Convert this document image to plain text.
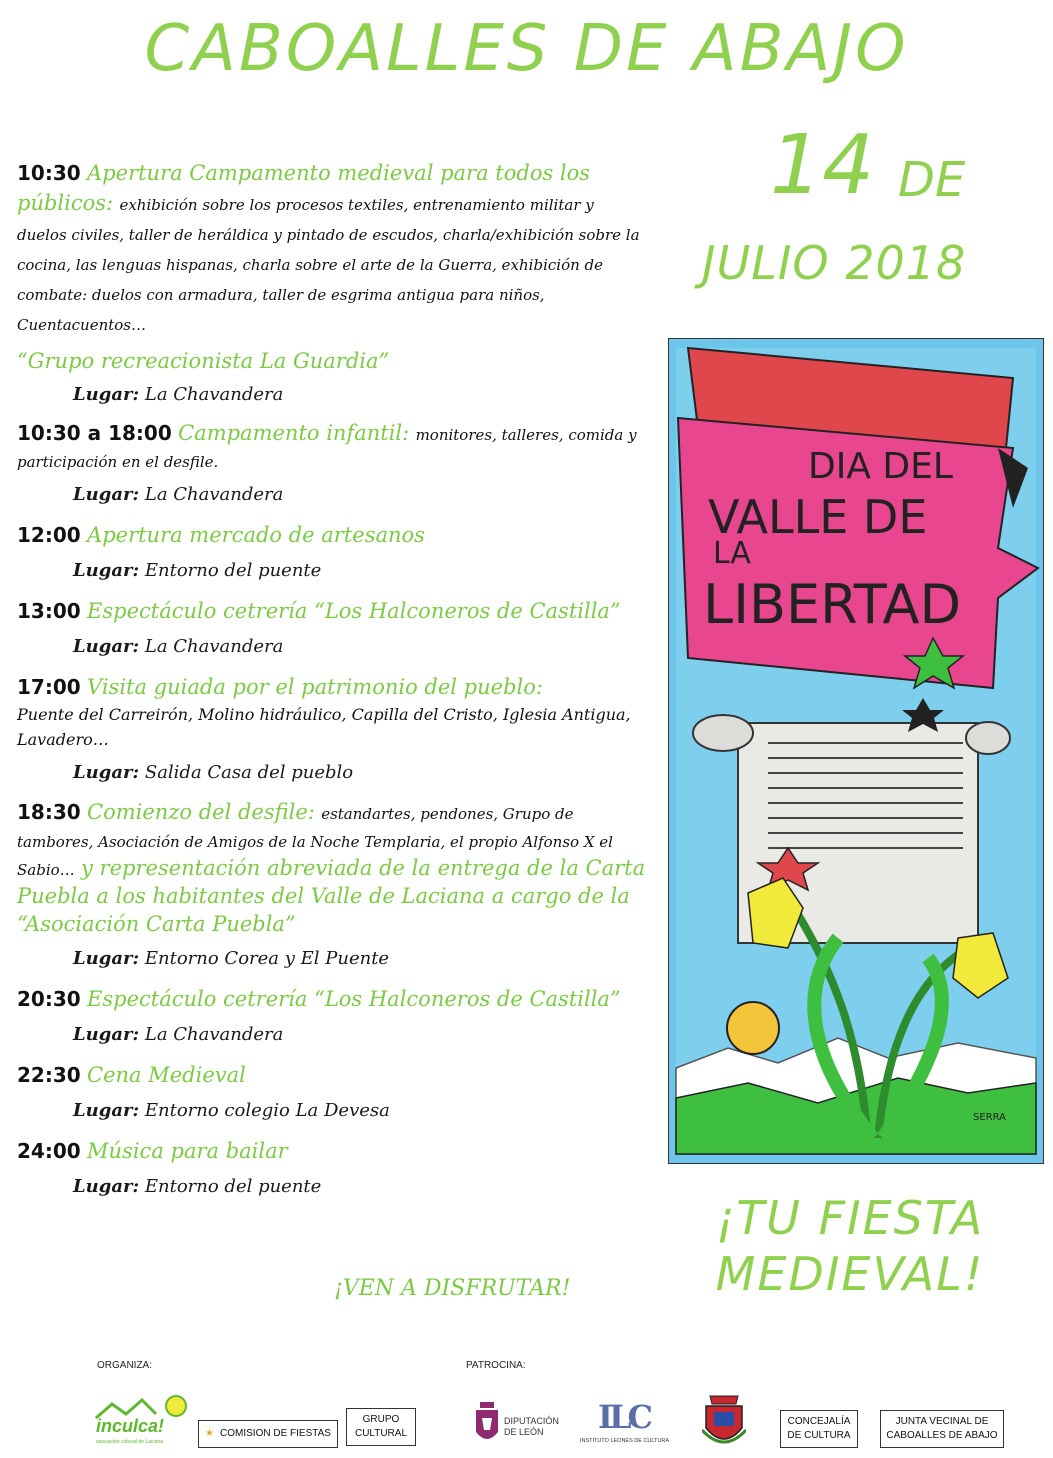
CABOALLES DE ABAJO
14 DE
JULIO 2018
10:30 Apertura Campamento medieval para todos los públicos: exhibición sobre los procesos textiles, entrenamiento militar y duelos civiles, taller de heráldica y pintado de escudos, charla/exhibición sobre la cocina, las lenguas hispanas, charla sobre el arte de la Guerra, exhibición de combate: duelos con armadura, taller de esgrima antigua para niños, Cuentacuentos…
“Grupo recreacionista La Guardia”
Lugar: La Chavandera
10:30 a 18:00 Campamento infantil: monitores, talleres, comida y participación en el desfile.
Lugar: La Chavandera
12:00 Apertura mercado de artesanos
Lugar: Entorno del puente
13:00 Espectáculo cetrería “Los Halconeros de Castilla”
Lugar: La Chavandera
17:00 Visita guiada por el patrimonio del pueblo:
Puente del Carreirón, Molino hidráulico, Capilla del Cristo, Iglesia Antigua, Lavadero…
Lugar: Salida Casa del pueblo
18:30 Comienzo del desfile: estandartes, pendones, Grupo de tambores, Asociación de Amigos de la Noche Templaria, el propio Alfonso X el Sabio… y representación abreviada de la entrega de la Carta Puebla a los habitantes del Valle de Laciana a cargo de la “Asociación Carta Puebla”
Lugar: Entorno Corea y El Puente
20:30 Espectáculo cetrería “Los Halconeros de Castilla”
Lugar: La Chavandera
22:30 Cena Medieval
Lugar: Entorno colegio La Devesa
24:00 Música para bailar
Lugar: Entorno del puente
¡VEN A DISFRUTAR!
¡TU FIESTA
MEDIEVAL!
DIA DEL
VALLE DE
LA
LIBERTAD
SERRA
ORGANIZA:	PATROCINA:
inculca!
asociación cultural de Laciana
★ COMISION DE FIESTAS
GRUPO
CULTURAL
DIPUTACIÓN
DE LEÓN	ILC
INSTITUTO LEONÉS DE CULTURA
CONCEJALÍA
DE CULTURA
JUNTA VECINAL DE
CABOALLES DE ABAJO
